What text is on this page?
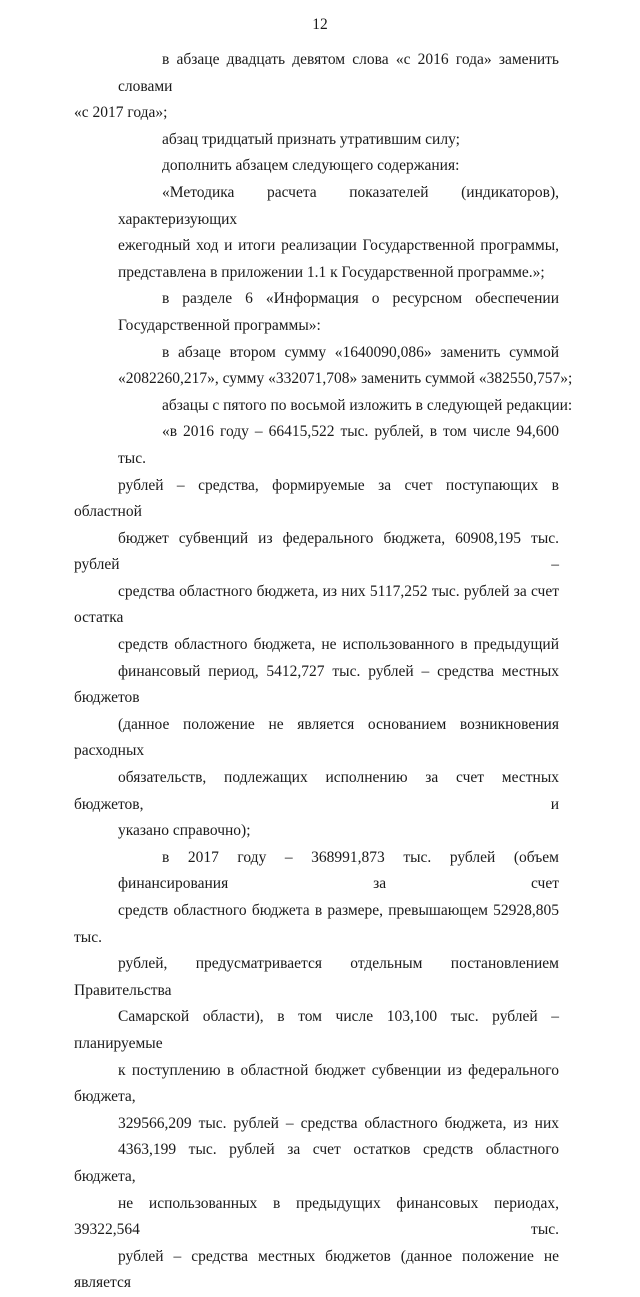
12

в абзаце двадцать девятом слова «с 2016 года» заменить словами
«с 2017 года»;

абзац тридцатый признать утратившим силу;

дополнить абзацем следующего содержания:

«Методика расчета показателей (индикаторов), характеризующих
ежегодный ход и итоги реализации Государственной программы,
представлена в приложении 1.1 к Государственной программе.»;

в разделе 6 «Информация о ресурсном обеспечении
Государственной программы»:

в абзаце втором сумму «1640090,086» заменить суммой
«2082260,217», сумму «332071,708» заменить суммой «382550,757»;

абзацы с пятого по восьмой изложить в следующей редакции:

«в 2016 году – 66415,522 тыс. рублей, в том числе 94,600 тыс.
рублей – средства, формируемые за счет поступающих в областной
бюджет субвенций из федерального бюджета, 60908,195 тыс. рублей –
средства областного бюджета, из них 5117,252 тыс. рублей за счет остатка
средств областного бюджета, не использованного в предыдущий
финансовый период, 5412,727 тыс. рублей – средства местных бюджетов
(данное положение не является основанием возникновения расходных
обязательств, подлежащих исполнению за счет местных бюджетов, и
указано справочно);

в 2017 году – 368991,873 тыс. рублей (объем финансирования за счет
средств областного бюджета в размере, превышающем 52928,805 тыс.
рублей, предусматривается отдельным постановлением Правительства
Самарской области), в том числе 103,100 тыс. рублей – планируемые
к поступлению в областной бюджет субвенции из федерального бюджета,
329566,209 тыс. рублей – средства областного бюджета, из них
4363,199 тыс. рублей за счет остатков средств областного бюджета,
не использованных в предыдущих финансовых периодах, 39322,564 тыс.
рублей – средства местных бюджетов (данное положение не является
